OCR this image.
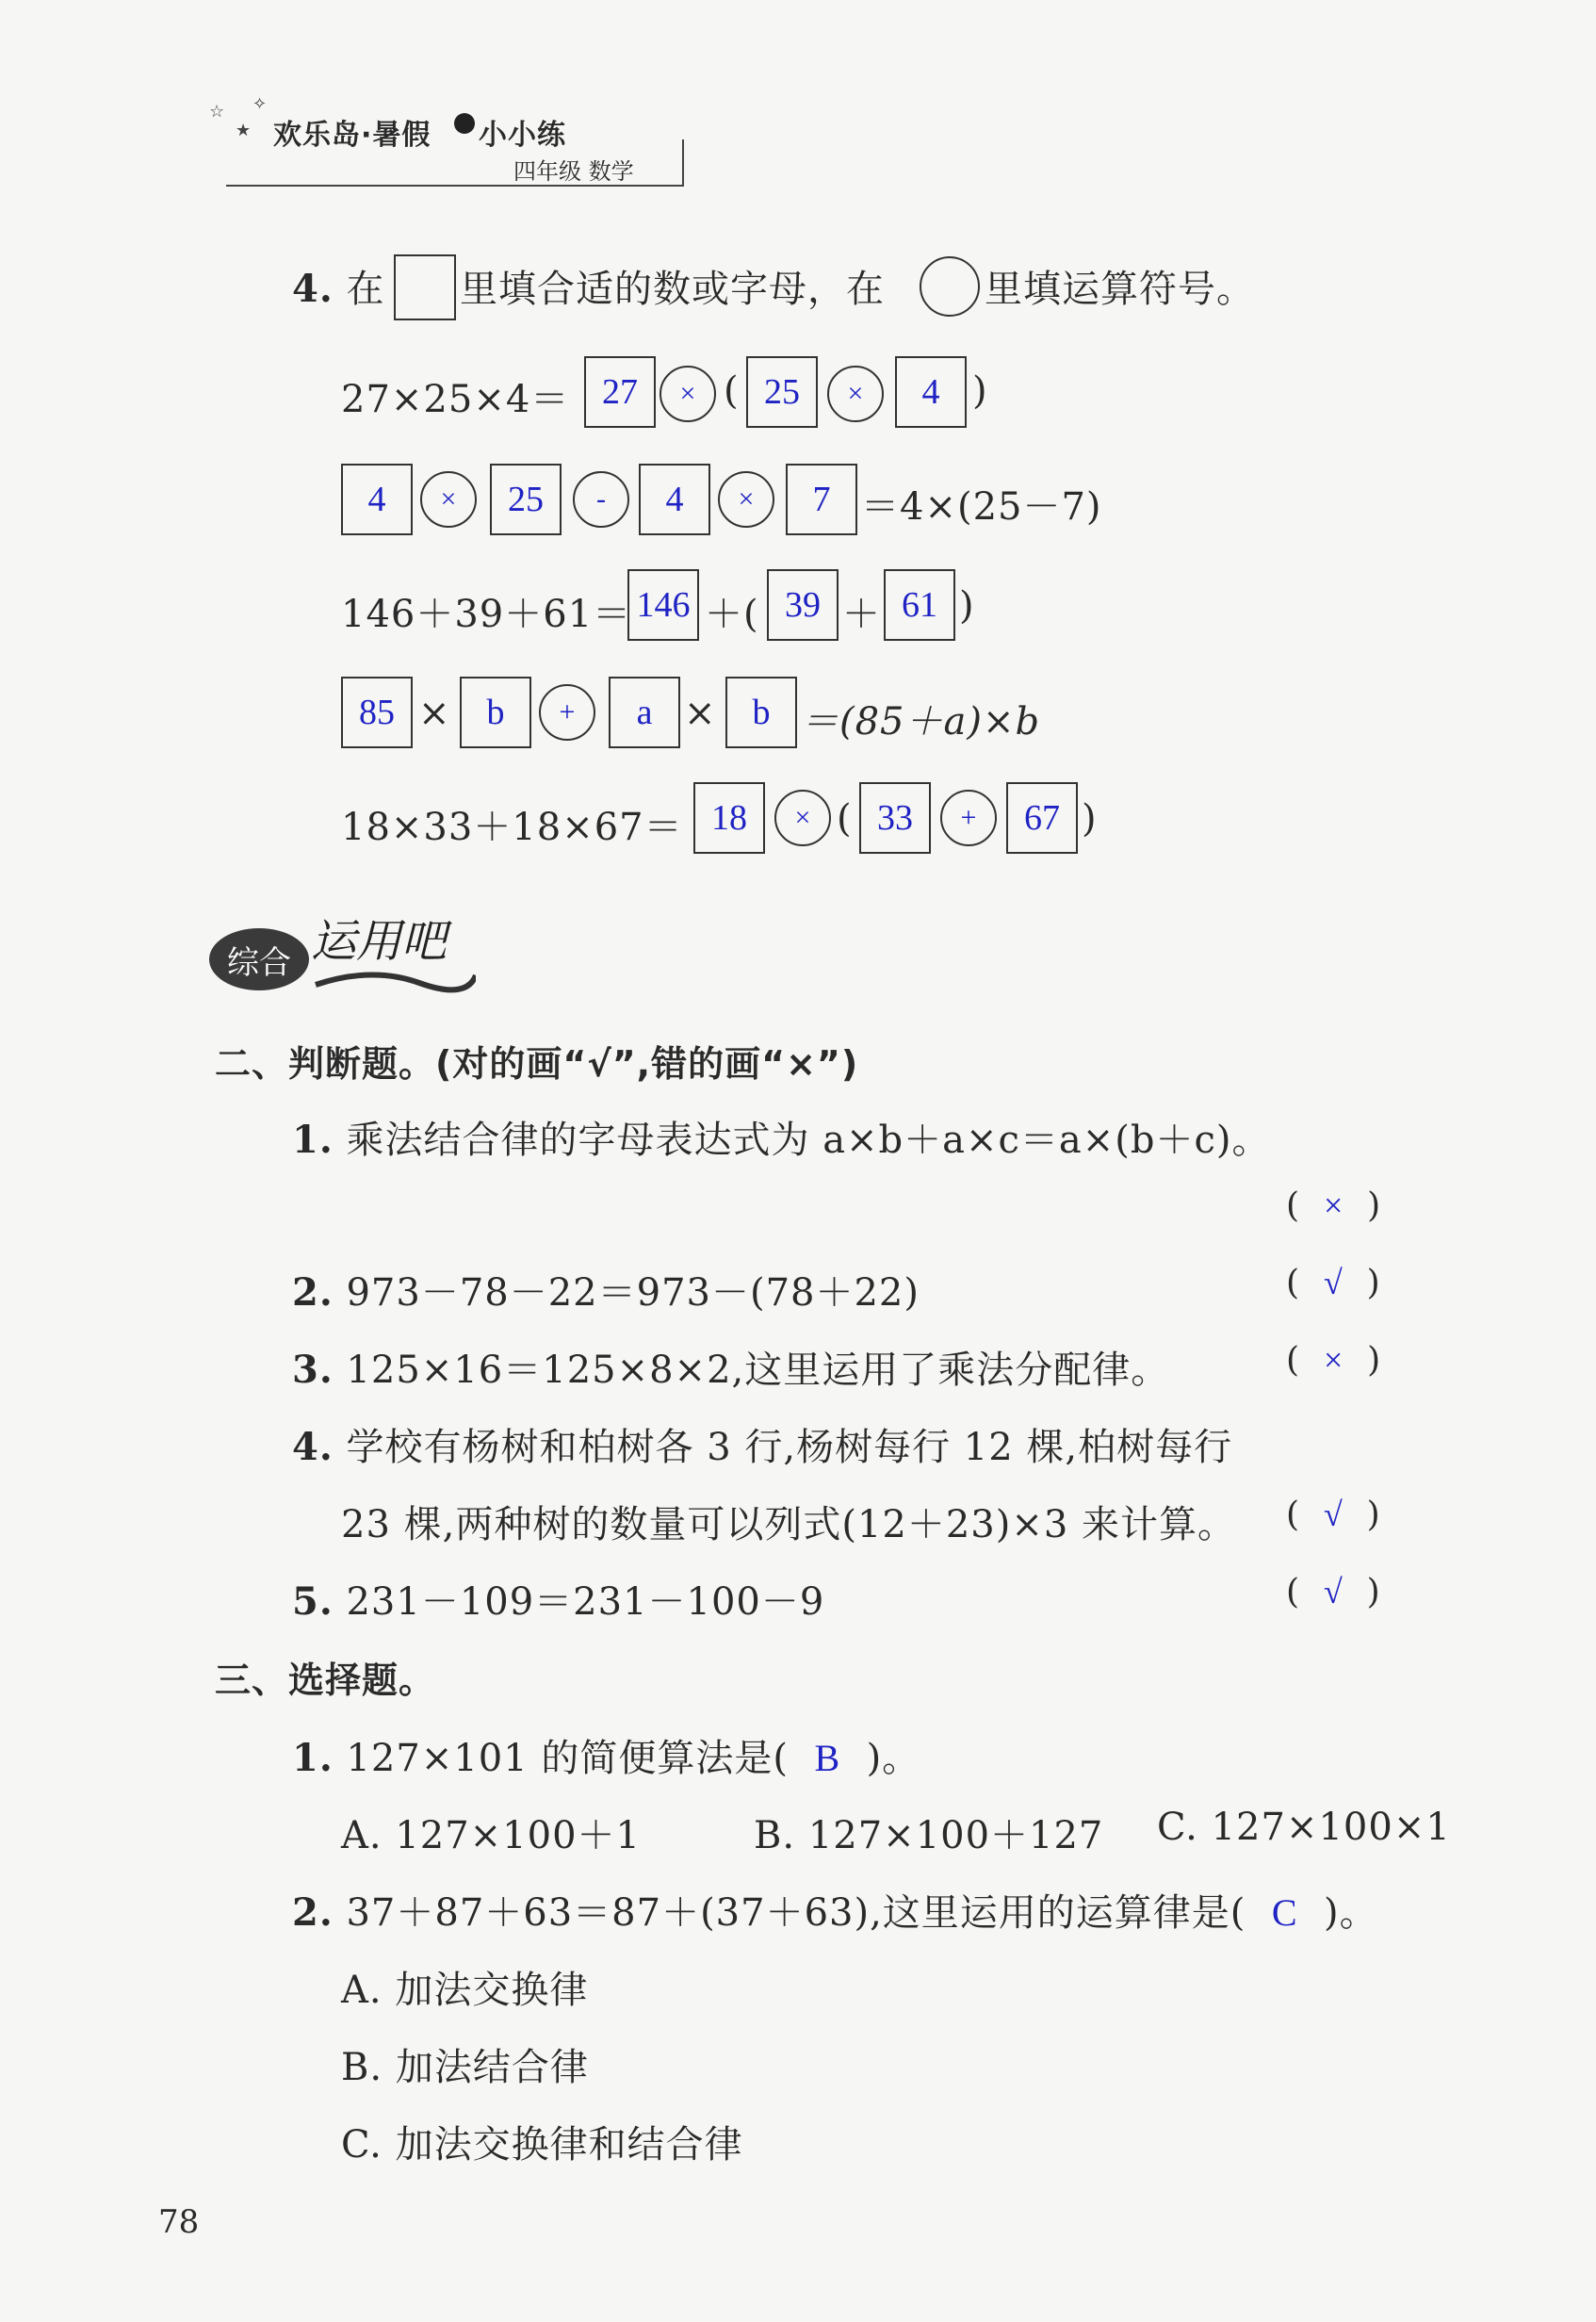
☆
★
✧
欢乐岛·暑假 小小练
四年级 数学
4. 在 里填合适的数或字母，在	里填运算符号。
27×25×4＝ 27	× ( 25	×	4 )
4	×	25	-	4	×	7 ＝4×(25－7)
146＋39＋61＝ 146 ＋( 39 ＋ 61 )
85 × b	+	a × b ＝(85＋a)×b
18×33＋18×67＝ 18	× ( 33	+	67 )
综合 运用吧
二、判断题。(对的画“√”,错的画“×”)
1. 乘法结合律的字母表达式为 a×b＋a×c＝a×(b＋c)。
( × )
2. 973－78－22＝973－(78＋22)	( √ )
3. 125×16＝125×8×2,这里运用了乘法分配律。	( × )
4. 学校有杨树和柏树各 3 行,杨树每行 12 棵,柏树每行
23 棵,两种树的数量可以列式(12＋23)×3 来计算。 ( √ )
5. 231－109＝231－100－9	( √ )
三、选择题。
1. 127×101 的简便算法是( B )。
A. 127×100＋1	B. 127×100＋127 C. 127×100×1
2. 37＋87＋63＝87＋(37＋63),这里运用的运算律是( C )。
A. 加法交换律
B. 加法结合律
C. 加法交换律和结合律
78
